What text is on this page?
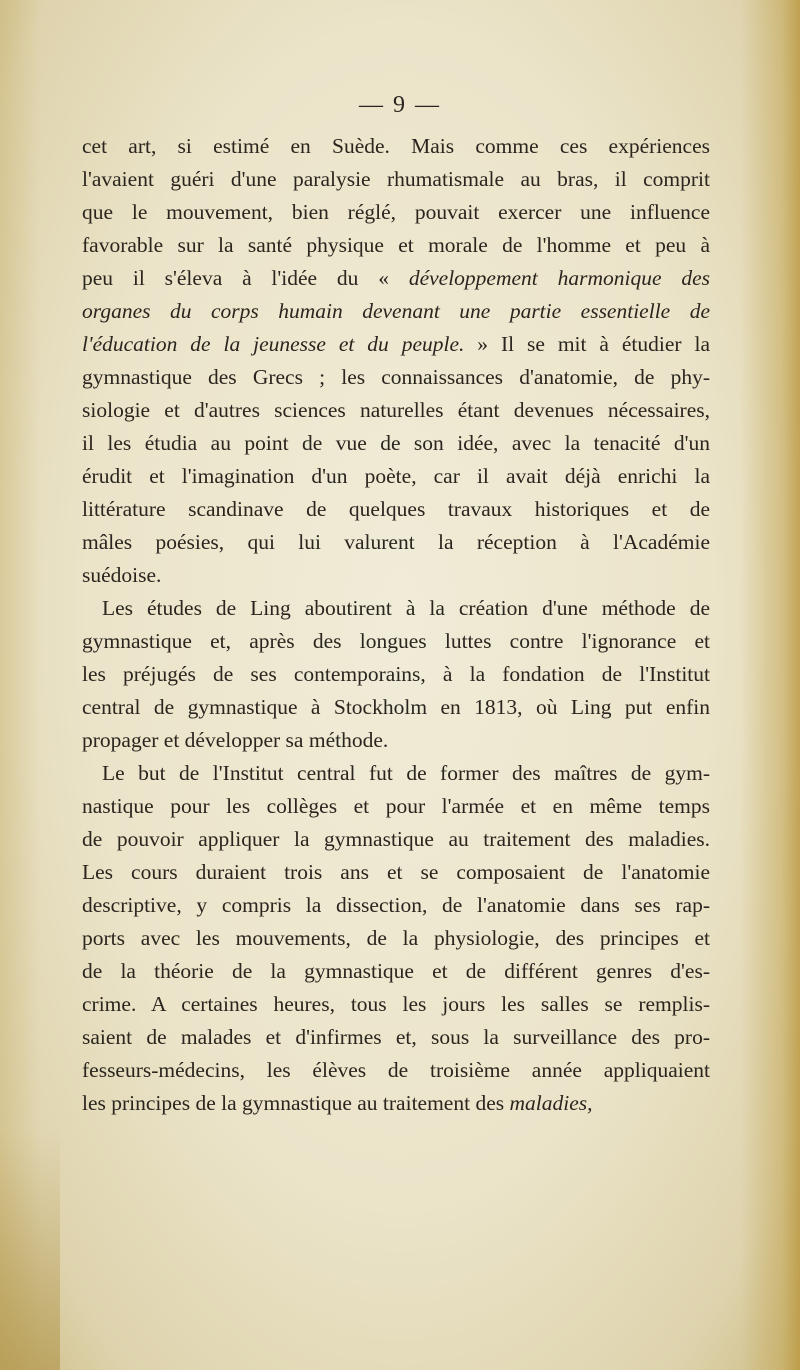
— 9 —
cet art, si estimé en Suède. Mais comme ces expériences
l'avaient guéri d'une paralysie rhumatismale au bras, il comprit
que le mouvement, bien réglé, pouvait exercer une influence
favorable sur la santé physique et morale de l'homme et peu à
peu il s'éleva à l'idée du « développement harmonique des
organes du corps humain devenant une partie essentielle de
l'éducation de la jeunesse et du peuple. » Il se mit à étudier la
gymnastique des Grecs ; les connaissances d'anatomie, de phy-
siologie et d'autres sciences naturelles étant devenues nécessaires,
il les étudia au point de vue de son idée, avec la tenacité d'un
érudit et l'imagination d'un poète, car il avait déjà enrichi la
littérature scandinave de quelques travaux historiques et de
mâles poésies, qui lui valurent la réception à l'Académie
suédoise.
Les études de Ling aboutirent à la création d'une méthode de
gymnastique et, après des longues luttes contre l'ignorance et
les préjugés de ses contemporains, à la fondation de l'Institut
central de gymnastique à Stockholm en 1813, où Ling put enfin
propager et développer sa méthode.
Le but de l'Institut central fut de former des maîtres de gym-
nastique pour les collèges et pour l'armée et en même temps
de pouvoir appliquer la gymnastique au traitement des maladies.
Les cours duraient trois ans et se composaient de l'anatomie
descriptive, y compris la dissection, de l'anatomie dans ses rap-
ports avec les mouvements, de la physiologie, des principes et
de la théorie de la gymnastique et de différent genres d'es-
crime. A certaines heures, tous les jours les salles se remplis-
saient de malades et d'infirmes et, sous la surveillance des pro-
fesseurs-médecins, les élèves de troisième année appliquaient
les principes de la gymnastique au traitement des maladies,
